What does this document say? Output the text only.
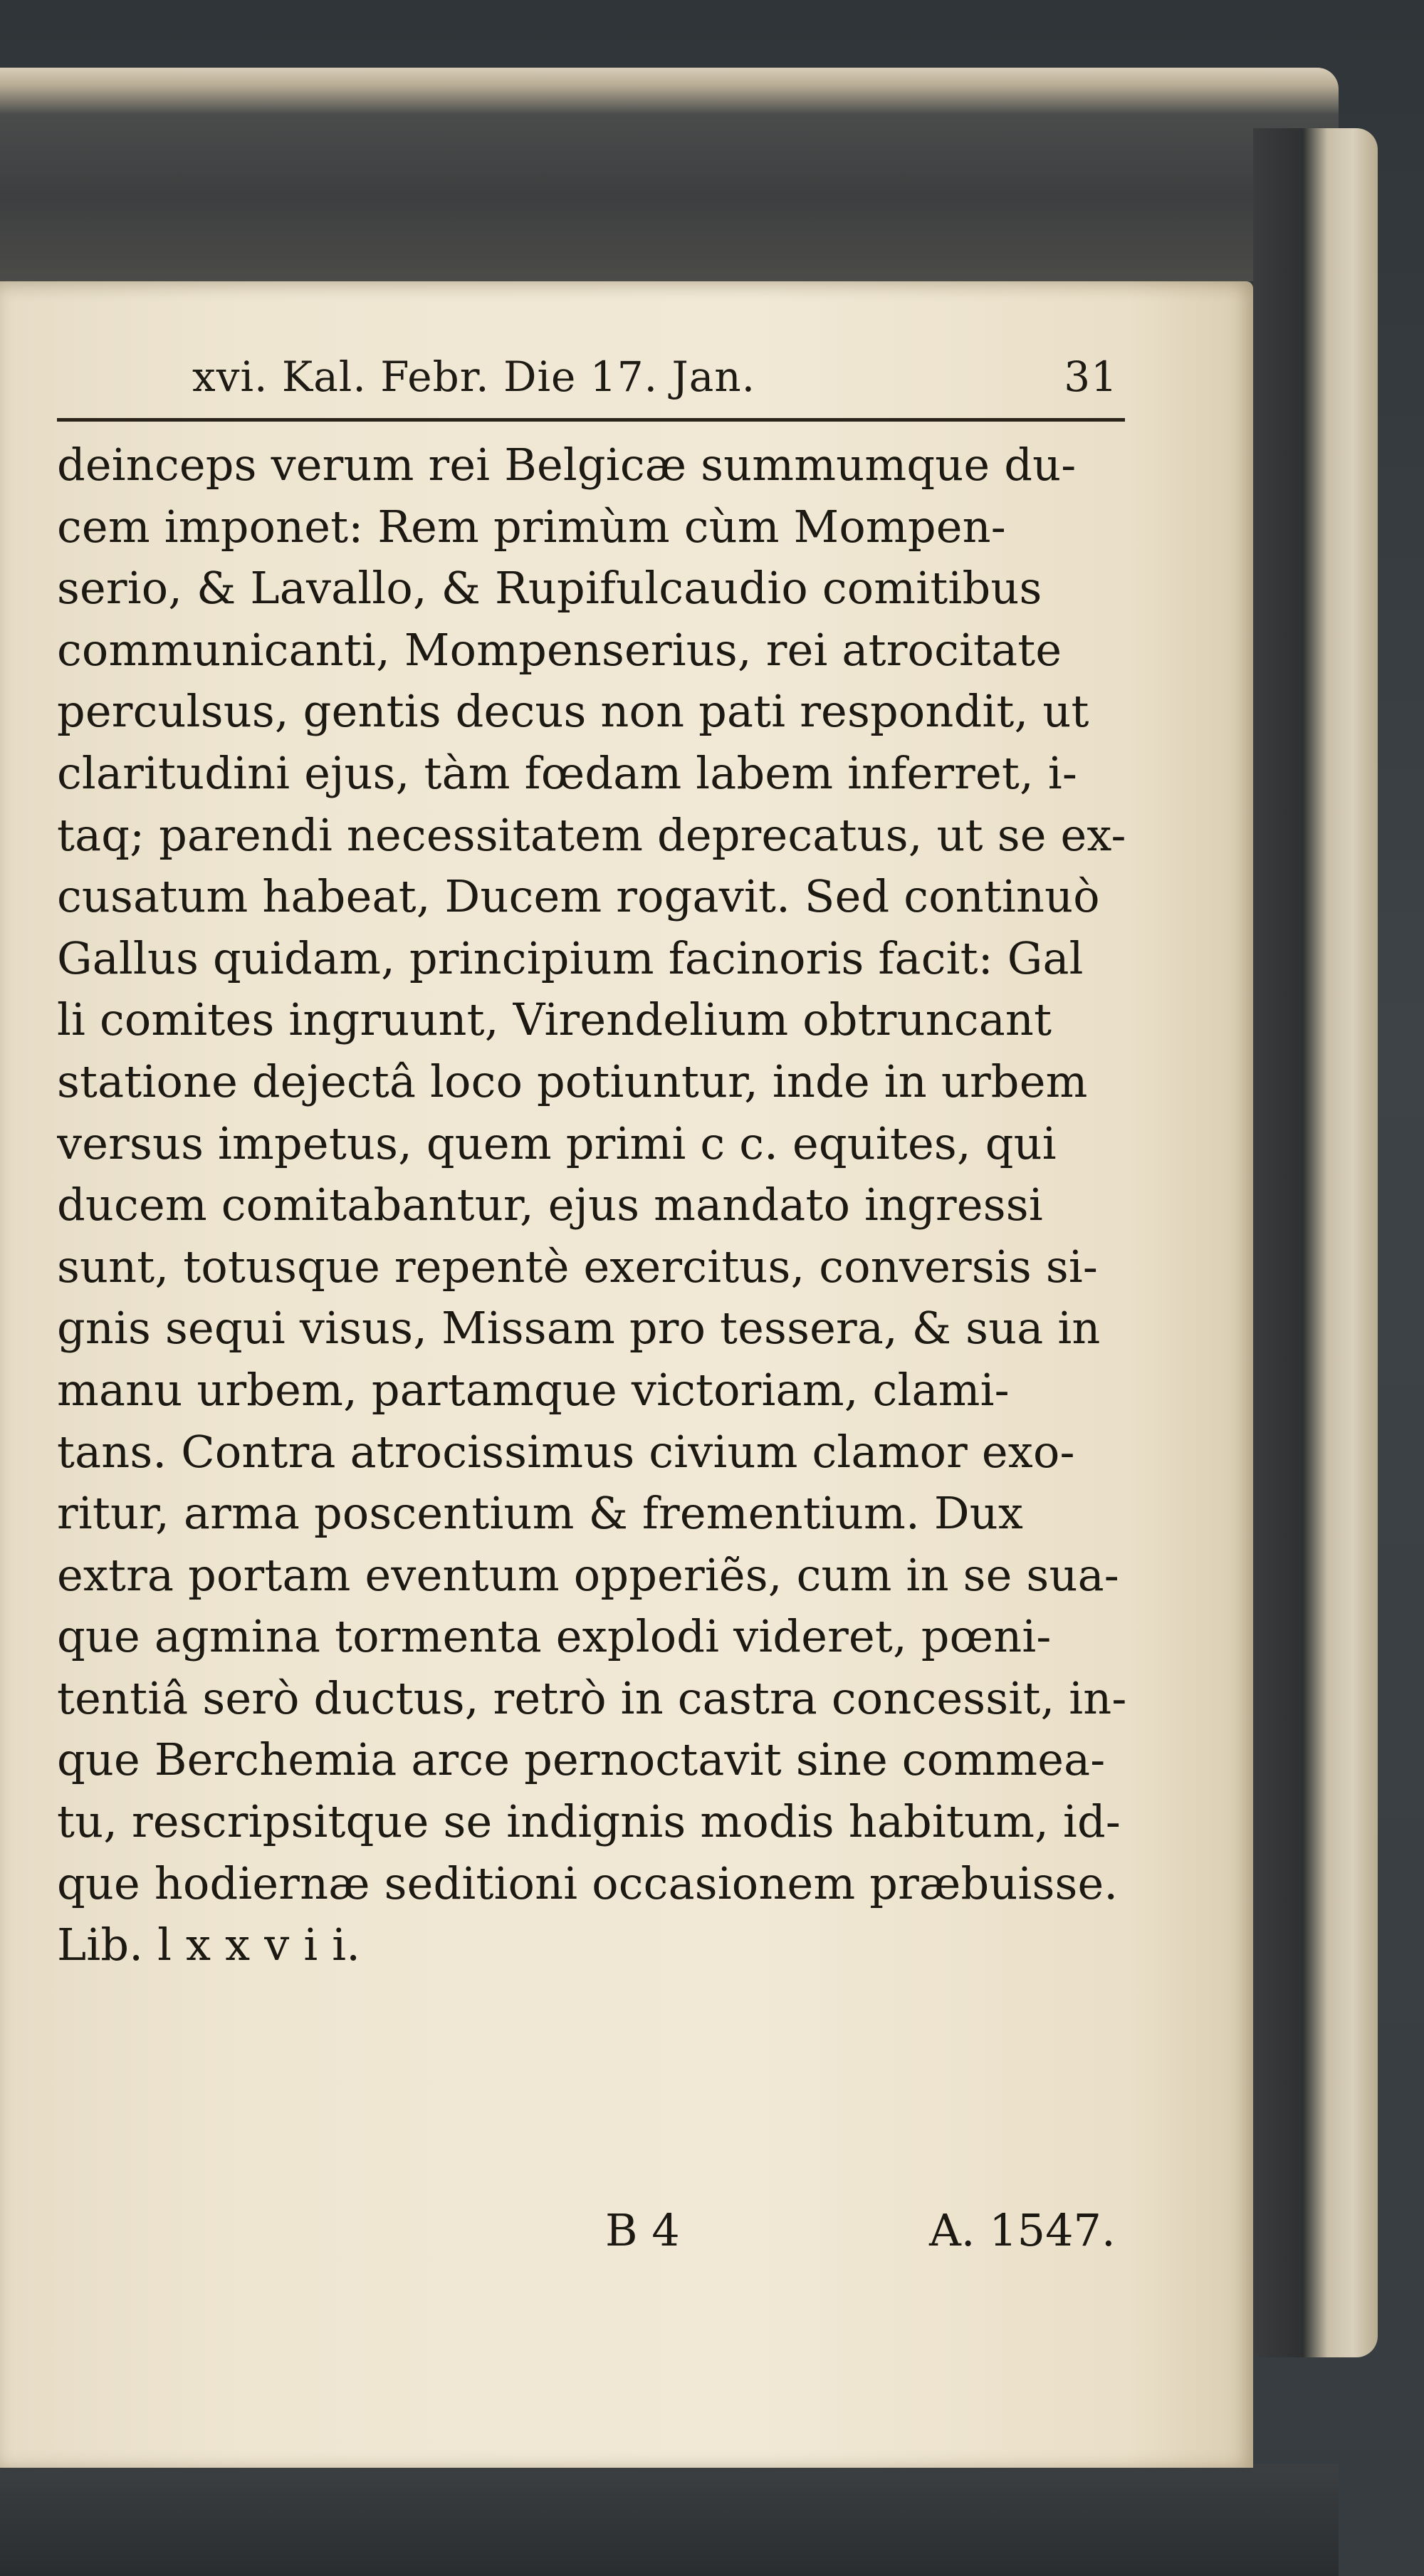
xvi. Kal. Febr. Die 17. Jan.	31
deinceps verum rei Belgicæ summumque du-
cem imponet: Rem primùm cùm Mompen-
serio, & Lavallo, & Rupifulcaudio comitibus
communicanti, Mompenserius, rei atrocitate
perculsus, gentis decus non pati respondit, ut
claritudini ejus, tàm fœdam labem inferret, i-
taq; parendi necessitatem deprecatus, ut se ex-
cusatum habeat, Ducem rogavit. Sed continuò
Gallus quidam, principium facinoris facit: Gal
li comites ingruunt, Virendelium obtruncant
statione dejectâ loco potiuntur, inde in urbem
versus impetus, quem primi c c. equites, qui
ducem comitabantur, ejus mandato ingressi
sunt, totusque repentè exercitus, conversis si-
gnis sequi visus, Missam pro tessera, & sua in
manu urbem, partamque victoriam, clami-
tans. Contra atrocissimus civium clamor exo-
ritur, arma poscentium & frementium. Dux
extra portam eventum opperiẽs, cum in se sua-
que agmina tormenta explodi videret, pœni-
tentiâ serò ductus, retrò in castra concessit, in-
que Berchemia arce pernoctavit sine commea-
tu, rescripsitque se indignis modis habitum, id-
que hodiernæ seditioni occasionem præbuisse.
Lib. l x x v i i.
B 4	A. 1547.
